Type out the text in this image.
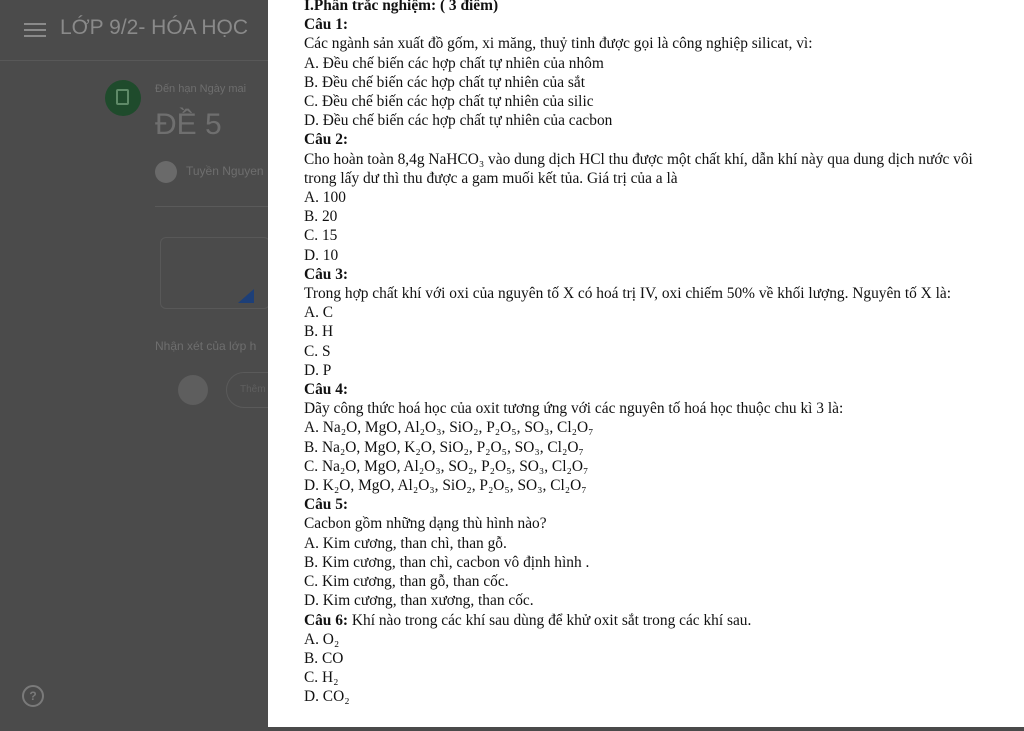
LỚP 9/2- HÓA HỌC
Đến hạn Ngày mai
ĐỀ 5
Tuyền Nguyen
Nhận xét của lớp h
Thêm
?

I.Phần trắc nghiệm: ( 3 điểm)

Câu 1:

Các ngành sản xuất đồ gốm, xi măng, thuỷ tinh được gọi là công nghiệp silicat, vì:

A. Đều chế biến các hợp chất tự nhiên của nhôm

B. Đều chế biến các hợp chất tự nhiên của sắt

C. Đều chế biến các hợp chất tự nhiên của silic

D. Đều chế biến các hợp chất tự nhiên của cacbon

Câu 2:

Cho hoàn toàn 8,4g NaHCO₃ vào dung dịch HCl thu được một chất khí, dẫn khí này qua dung dịch nước vôi trong lấy dư thì thu được a gam muối kết tủa. Giá trị của a là

A. 100

B. 20

C. 15

D. 10

Câu 3:

Trong hợp chất khí với oxi của nguyên tố X có hoá trị IV, oxi chiếm 50% về khối lượng. Nguyên tố X là:

A. C

B. H

C. S

D. P

Câu 4:

Dãy công thức hoá học của oxit tương ứng với các nguyên tố hoá học thuộc chu kì 3 là:

A. Na₂O, MgO, Al₂O₃, SiO₂, P₂O₅, SO₃, Cl₂O₇

B. Na₂O, MgO, K₂O, SiO₂, P₂O₅, SO₃, Cl₂O₇

C. Na₂O, MgO, Al₂O₃, SO₂, P₂O₅, SO₃, Cl₂O₇

D. K₂O, MgO, Al₂O₃, SiO₂, P₂O₅, SO₃, Cl₂O₇

Câu 5:

Cacbon gồm những dạng thù hình nào?

A. Kim cương, than chì, than gỗ.

B. Kim cương, than chì, cacbon vô định hình .

C. Kim cương, than gỗ, than cốc.

D. Kim cương, than xương, than cốc.

Câu 6: Khí nào trong các khí sau dùng để khử oxit sắt trong các khí sau.

A. O₂

B. CO

C. H₂

D. CO₂
